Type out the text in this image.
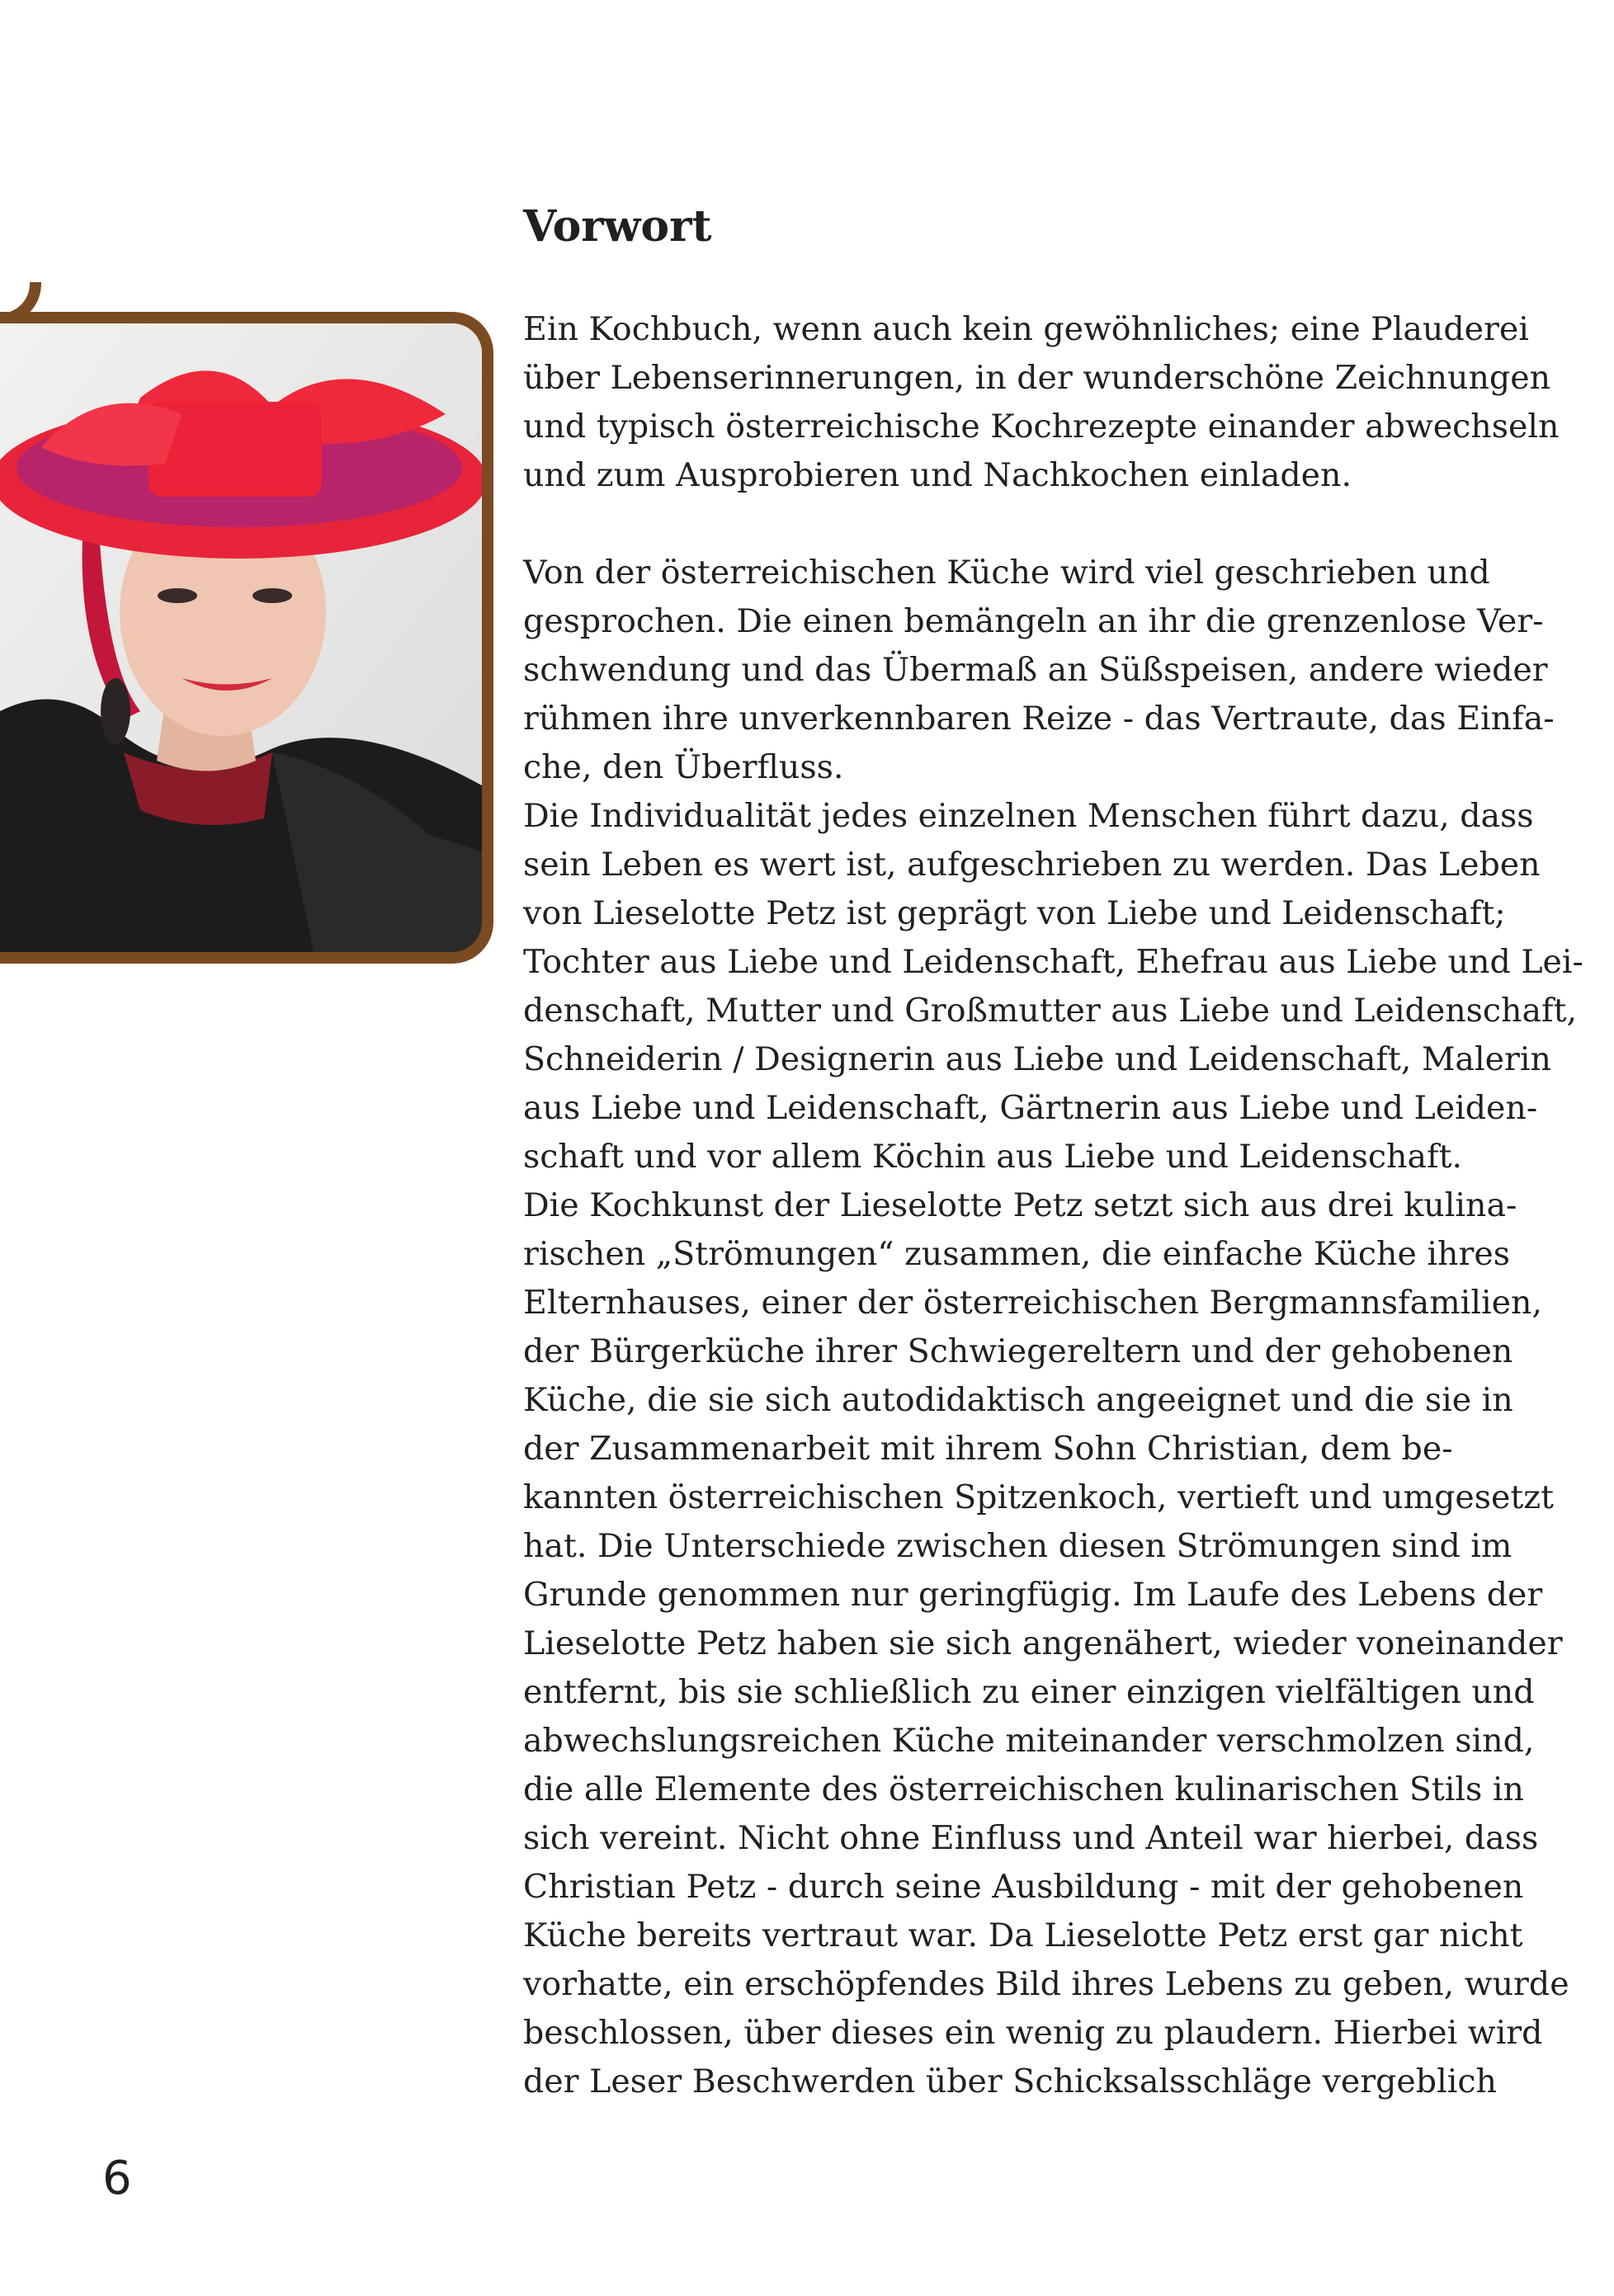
Vorwort

Ein Kochbuch, wenn auch kein gewöhnliches; eine Plauderei
über Lebenserinnerungen, in der wunderschöne Zeichnungen
und typisch österreichische Kochrezepte einander abwechseln
und zum Ausprobieren und Nachkochen einladen.

Von der österreichischen Küche wird viel geschrieben und
gesprochen. Die einen bemängeln an ihr die grenzenlose Ver-
schwendung und das Übermaß an Süßspeisen, andere wieder
rühmen ihre unverkennbaren Reize - das Vertraute, das Einfa-
che, den Überfluss.

Die Individualität jedes einzelnen Menschen führt dazu, dass
sein Leben es wert ist, aufgeschrieben zu werden. Das Leben
von Lieselotte Petz ist geprägt von Liebe und Leidenschaft;
Tochter aus Liebe und Leidenschaft, Ehefrau aus Liebe und Lei-
denschaft, Mutter und Großmutter aus Liebe und Leidenschaft,
Schneiderin / Designerin aus Liebe und Leidenschaft, Malerin
aus Liebe und Leidenschaft, Gärtnerin aus Liebe und Leiden-
schaft und vor allem Köchin aus Liebe und Leidenschaft.

Die Kochkunst der Lieselotte Petz setzt sich aus drei kulina-
rischen „Strömungen“ zusammen, die einfache Küche ihres
Elternhauses, einer der österreichischen Bergmannsfamilien,
der Bürgerküche ihrer Schwiegereltern und der gehobenen
Küche, die sie sich autodidaktisch angeeignet und die sie in
der Zusammenarbeit mit ihrem Sohn Christian, dem be-
kannten österreichischen Spitzenkoch, vertieft und umgesetzt
hat. Die Unterschiede zwischen diesen Strömungen sind im
Grunde genommen nur geringfügig. Im Laufe des Lebens der
Lieselotte Petz haben sie sich angenähert, wieder voneinander
entfernt, bis sie schließlich zu einer einzigen vielfältigen und
abwechslungsreichen Küche miteinander verschmolzen sind,
die alle Elemente des österreichischen kulinarischen Stils in
sich vereint. Nicht ohne Einfluss und Anteil war hierbei, dass
Christian Petz - durch seine Ausbildung - mit der gehobenen
Küche bereits vertraut war. Da Lieselotte Petz erst gar nicht
vorhatte, ein erschöpfendes Bild ihres Lebens zu geben, wurde
beschlossen, über dieses ein wenig zu plaudern. Hierbei wird
der Leser Beschwerden über Schicksalsschläge vergeblich

6
